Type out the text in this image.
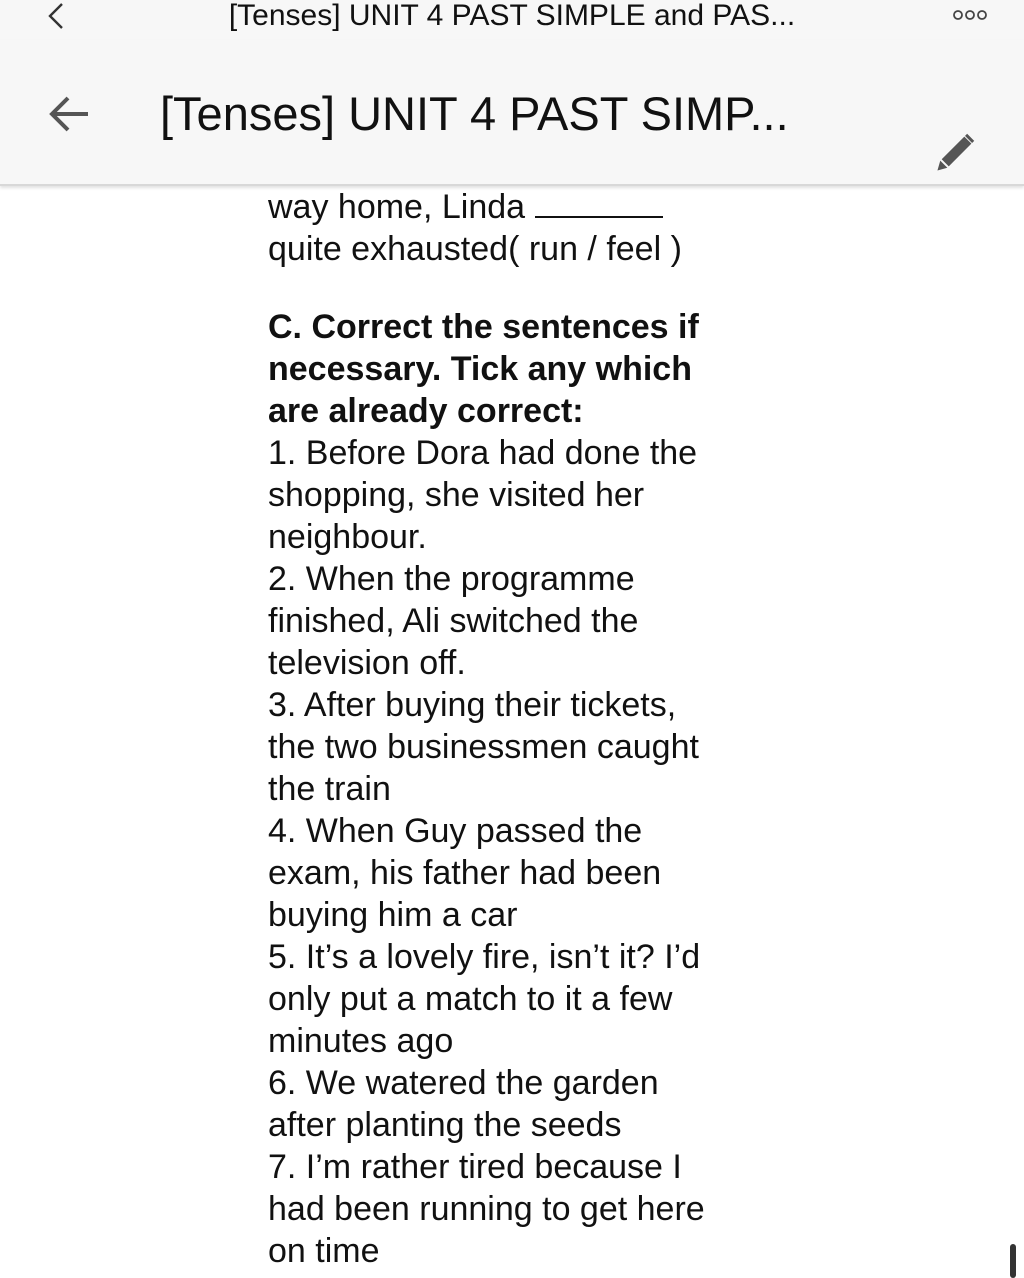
[Tenses] UNIT 4 PAST SIMPLE and PAS...
[Tenses] UNIT 4 PAST SIMP...

way home, Linda

quite exhausted( run / feel )

C. Correct the sentences if

necessary. Tick any which

are already correct:

1. Before Dora had done the

shopping, she visited her

neighbour.

2. When the programme

finished, Ali switched the

television off.

3. After buying their tickets,

the two businessmen caught

the train

4. When Guy passed the

exam, his father had been

buying him a car

5. It’s a lovely fire, isn’t it? I’d

only put a match to it a few

minutes ago

6. We watered the garden

after planting the seeds

7. I’m rather tired because I

had been running to get here

on time
